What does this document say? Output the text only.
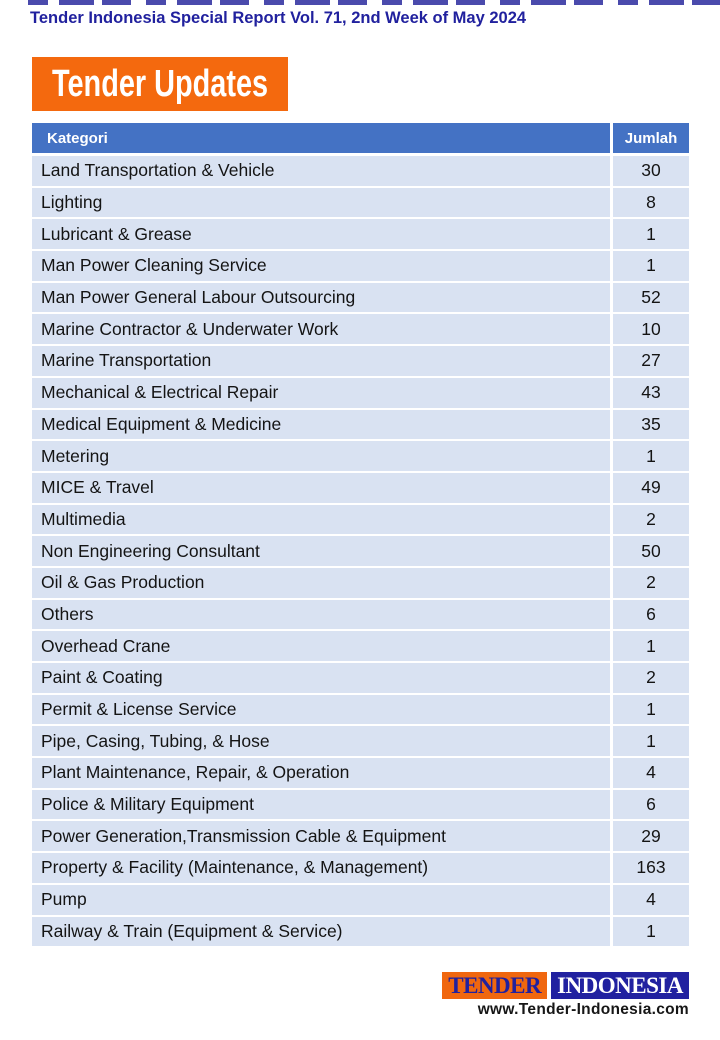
Tender Indonesia Special Report Vol. 71, 2nd Week of May 2024
Tender Updates
Kategori	Jumlah
Land Transportation & Vehicle	30
Lighting	8
Lubricant & Grease	1
Man Power Cleaning Service	1
Man Power General Labour Outsourcing	52
Marine Contractor & Underwater Work	10
Marine Transportation	27
Mechanical & Electrical Repair	43
Medical Equipment & Medicine	35
Metering	1
MICE & Travel	49
Multimedia	2
Non Engineering Consultant	50
Oil & Gas Production	2
Others	6
Overhead Crane	1
Paint & Coating	2
Permit & License Service	1
Pipe, Casing, Tubing, & Hose	1
Plant Maintenance, Repair, & Operation	4
Police & Military Equipment	6
Power Generation,Transmission Cable & Equipment	29
Property & Facility (Maintenance, & Management)	163
Pump	4
Railway & Train (Equipment & Service)	1
TENDER INDONESIA
www.Tender-Indonesia.com
